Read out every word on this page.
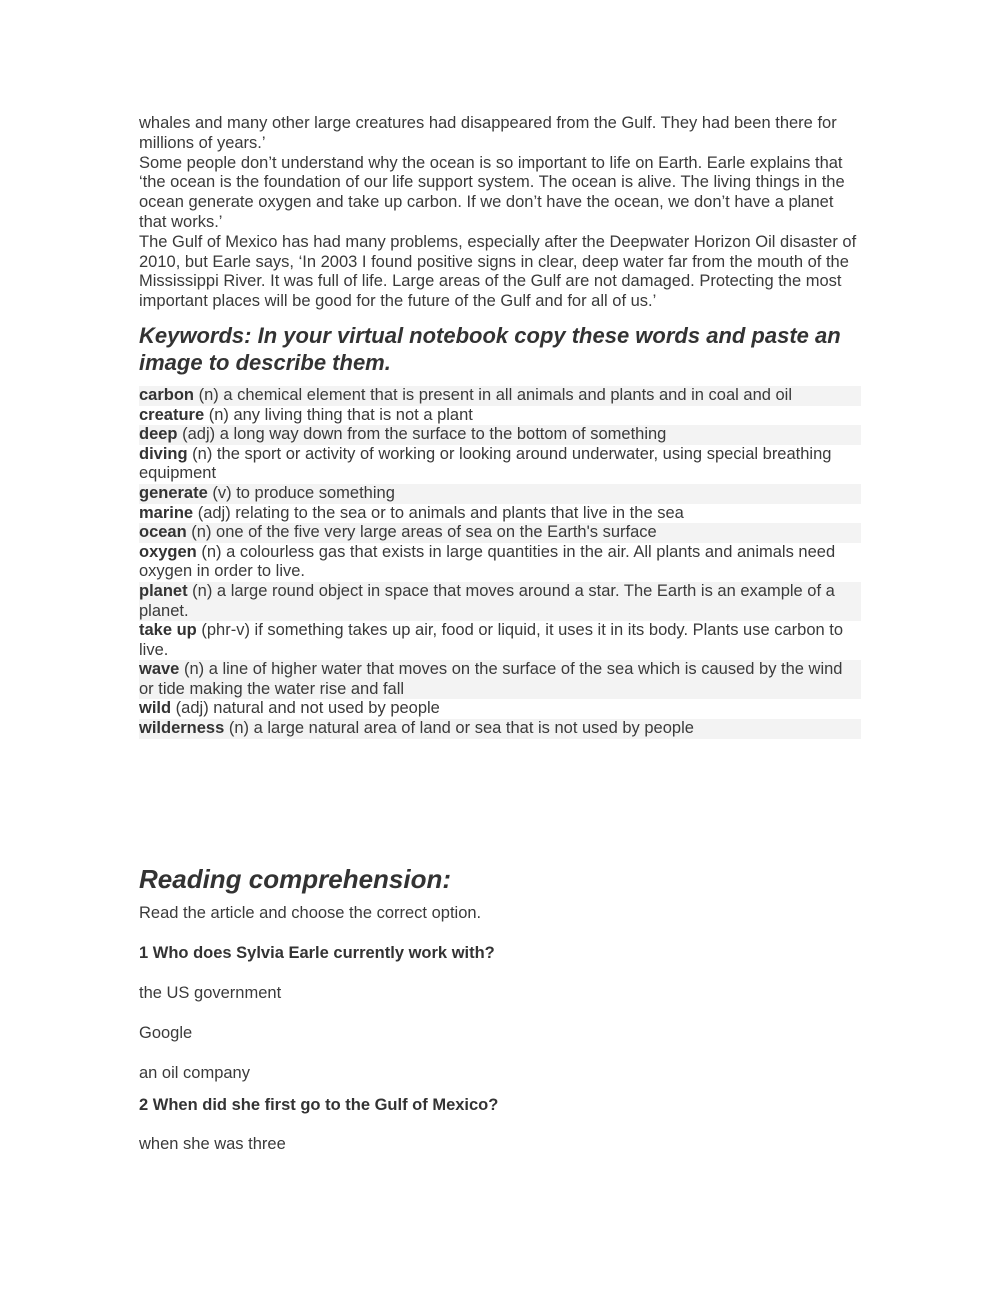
whales and many other large creatures had disappeared from the Gulf. They had been there for millions of years.’

Some people don’t understand why the ocean is so important to life on Earth. Earle explains that ‘the ocean is the foundation of our life support system. The ocean is alive. The living things in the ocean generate oxygen and take up carbon. If we don’t have the ocean, we don’t have a planet that works.’

The Gulf of Mexico has had many problems, especially after the Deepwater Horizon Oil disaster of 2010, but Earle says, ‘In 2003 I found positive signs in clear, deep water far from the mouth of the Mississippi River. It was full of life. Large areas of the Gulf are not damaged. Protecting the most important places will be good for the future of the Gulf and for all of us.’

Keywords: In your virtual notebook copy these words and paste an image to describe them.
carbon (n) a chemical element that is present in all animals and plants and in coal and oil
creature (n) any living thing that is not a plant
deep (adj) a long way down from the surface to the bottom of something
diving (n) the sport or activity of working or looking around underwater, using special breathing equipment
generate (v) to produce something
marine (adj) relating to the sea or to animals and plants that live in the sea
ocean (n) one of the five very large areas of sea on the Earth's surface
oxygen (n) a colourless gas that exists in large quantities in the air. All plants and animals need oxygen in order to live.
planet (n) a large round object in space that moves around a star. The Earth is an example of a planet.
take up (phr-v) if something takes up air, food or liquid, it uses it in its body. Plants use carbon to live.
wave (n) a line of higher water that moves on the surface of the sea which is caused by the wind or tide making the water rise and fall
wild (adj) natural and not used by people
wilderness (n) a large natural area of land or sea that is not used by people
Reading comprehension:
Read the article and choose the correct option.
1 Who does Sylvia Earle currently work with?
the US government
Google
an oil company
2 When did she first go to the Gulf of Mexico?
when she was three
